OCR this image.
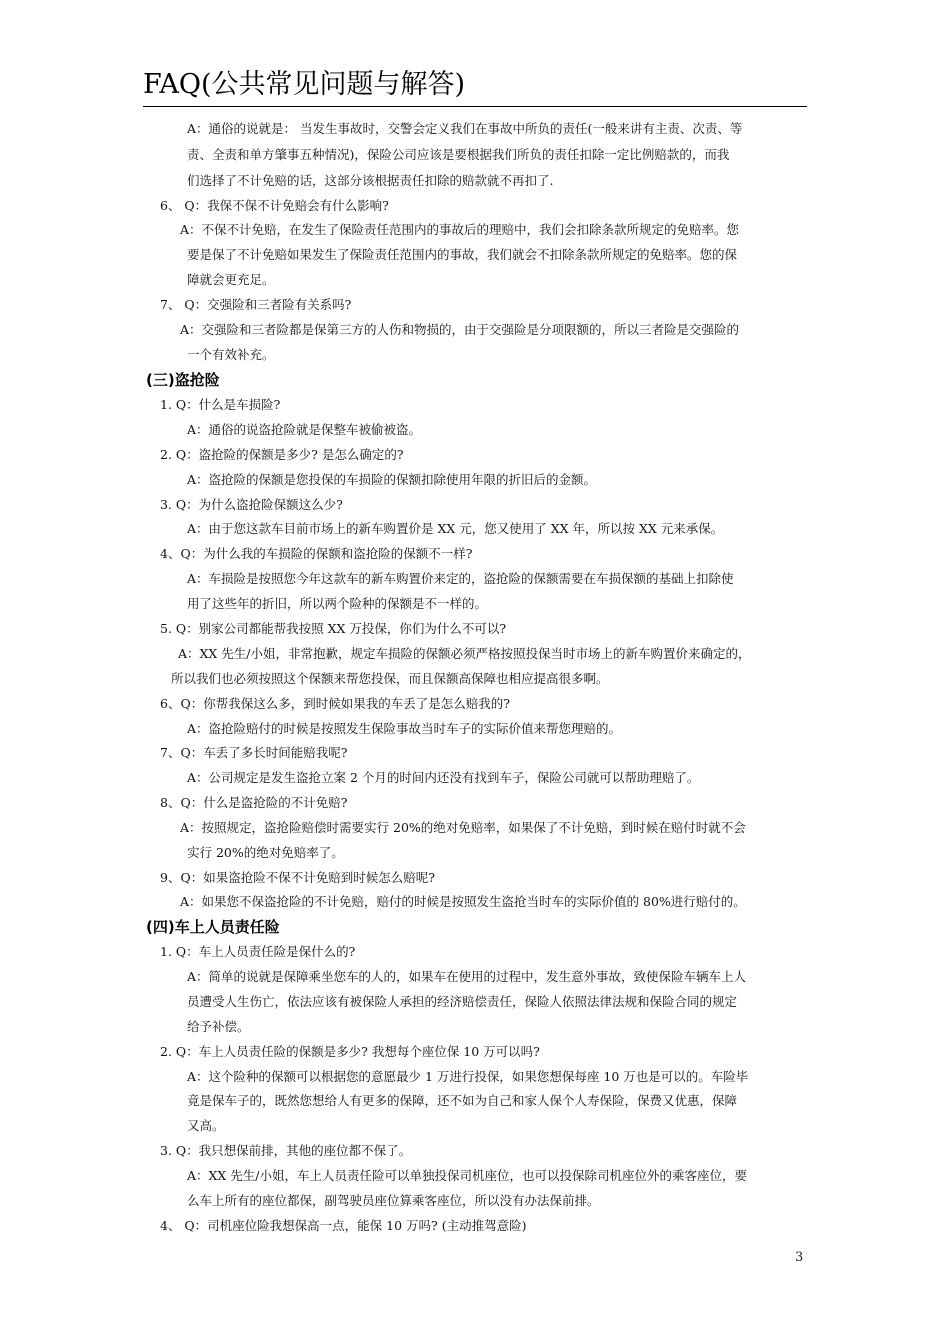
FAQ(公共常见问题与解答)
A：通俗的说就是： 当发生事故时，交警会定义我们在事故中所负的责任(一般来讲有主责、次责、等
责、全责和单方肇事五种情况)，保险公司应该是要根据我们所负的责任扣除一定比例赔款的，而我
们选择了不计免赔的话，这部分该根据责任扣除的赔款就不再扣了.
6、 Q：我保不保不计免赔会有什么影响?
A：不保不计免赔，在发生了保险责任范围内的事故后的理赔中，我们会扣除条款所规定的免赔率。您
要是保了不计免赔如果发生了保险责任范围内的事故，我们就会不扣除条款所规定的免赔率。您的保
障就会更充足。
7、 Q：交强险和三者险有关系吗?
A：交强险和三者险都是保第三方的人伤和物损的，由于交强险是分项限额的，所以三者险是交强险的
一个有效补充。
(三)盗抢险
1. Q：什么是车损险?
A：通俗的说盗抢险就是保整车被偷被盗。
2. Q：盗抢险的保额是多少? 是怎么确定的?
A：盗抢险的保额是您投保的车损险的保额扣除使用年限的折旧后的金额。
3. Q：为什么盗抢险保额这么少?
A：由于您这款车目前市场上的新车购置价是 XX 元，您又使用了 XX 年，所以按 XX 元来承保。
4、Q：为什么我的车损险的保额和盗抢险的保额不一样?
A：车损险是按照您今年这款车的新车购置价来定的，盗抢险的保额需要在车损保额的基础上扣除使
用了这些年的折旧，所以两个险种的保额是不一样的。
5. Q：别家公司都能帮我按照 XX 万投保，你们为什么不可以?
A：XX 先生/小姐，非常抱歉，规定车损险的保额必须严格按照投保当时市场上的新车购置价来确定的，
所以我们也必须按照这个保额来帮您投保，而且保额高保障也相应提高很多啊。
6、Q：你帮我保这么多，到时候如果我的车丢了是怎么赔我的?
A：盗抢险赔付的时候是按照发生保险事故当时车子的实际价值来帮您理赔的。
7、Q：车丢了多长时间能赔我呢?
A：公司规定是发生盗抢立案 2 个月的时间内还没有找到车子，保险公司就可以帮助理赔了。
8、Q：什么是盗抢险的不计免赔?
A：按照规定，盗抢险赔偿时需要实行 20%的绝对免赔率，如果保了不计免赔，到时候在赔付时就不会
实行 20%的绝对免赔率了。
9、Q：如果盗抢险不保不计免赔到时候怎么赔呢?
A：如果您不保盗抢险的不计免赔，赔付的时候是按照发生盗抢当时车的实际价值的 80%进行赔付的。
(四)车上人员责任险
1. Q：车上人员责任险是保什么的?
A：简单的说就是保障乘坐您车的人的，如果车在使用的过程中，发生意外事故，致使保险车辆车上人
员遭受人生伤亡，依法应该有被保险人承担的经济赔偿责任，保险人依照法律法规和保险合同的规定
给予补偿。
2. Q：车上人员责任险的保额是多少? 我想每个座位保 10 万可以吗?
A：这个险种的保额可以根据您的意愿最少 1 万进行投保，如果您想保每座 10 万也是可以的。车险毕
竟是保车子的，既然您想给人有更多的保障，还不如为自己和家人保个人寿保险，保费又优惠，保障
又高。
3. Q：我只想保前排，其他的座位都不保了。
A：XX 先生/小姐，车上人员责任险可以单独投保司机座位，也可以投保除司机座位外的乘客座位，要
么车上所有的座位都保，副驾驶员座位算乘客座位，所以没有办法保前排。
4、 Q：司机座位险我想保高一点，能保 10 万吗? (主动推驾意险)
3
